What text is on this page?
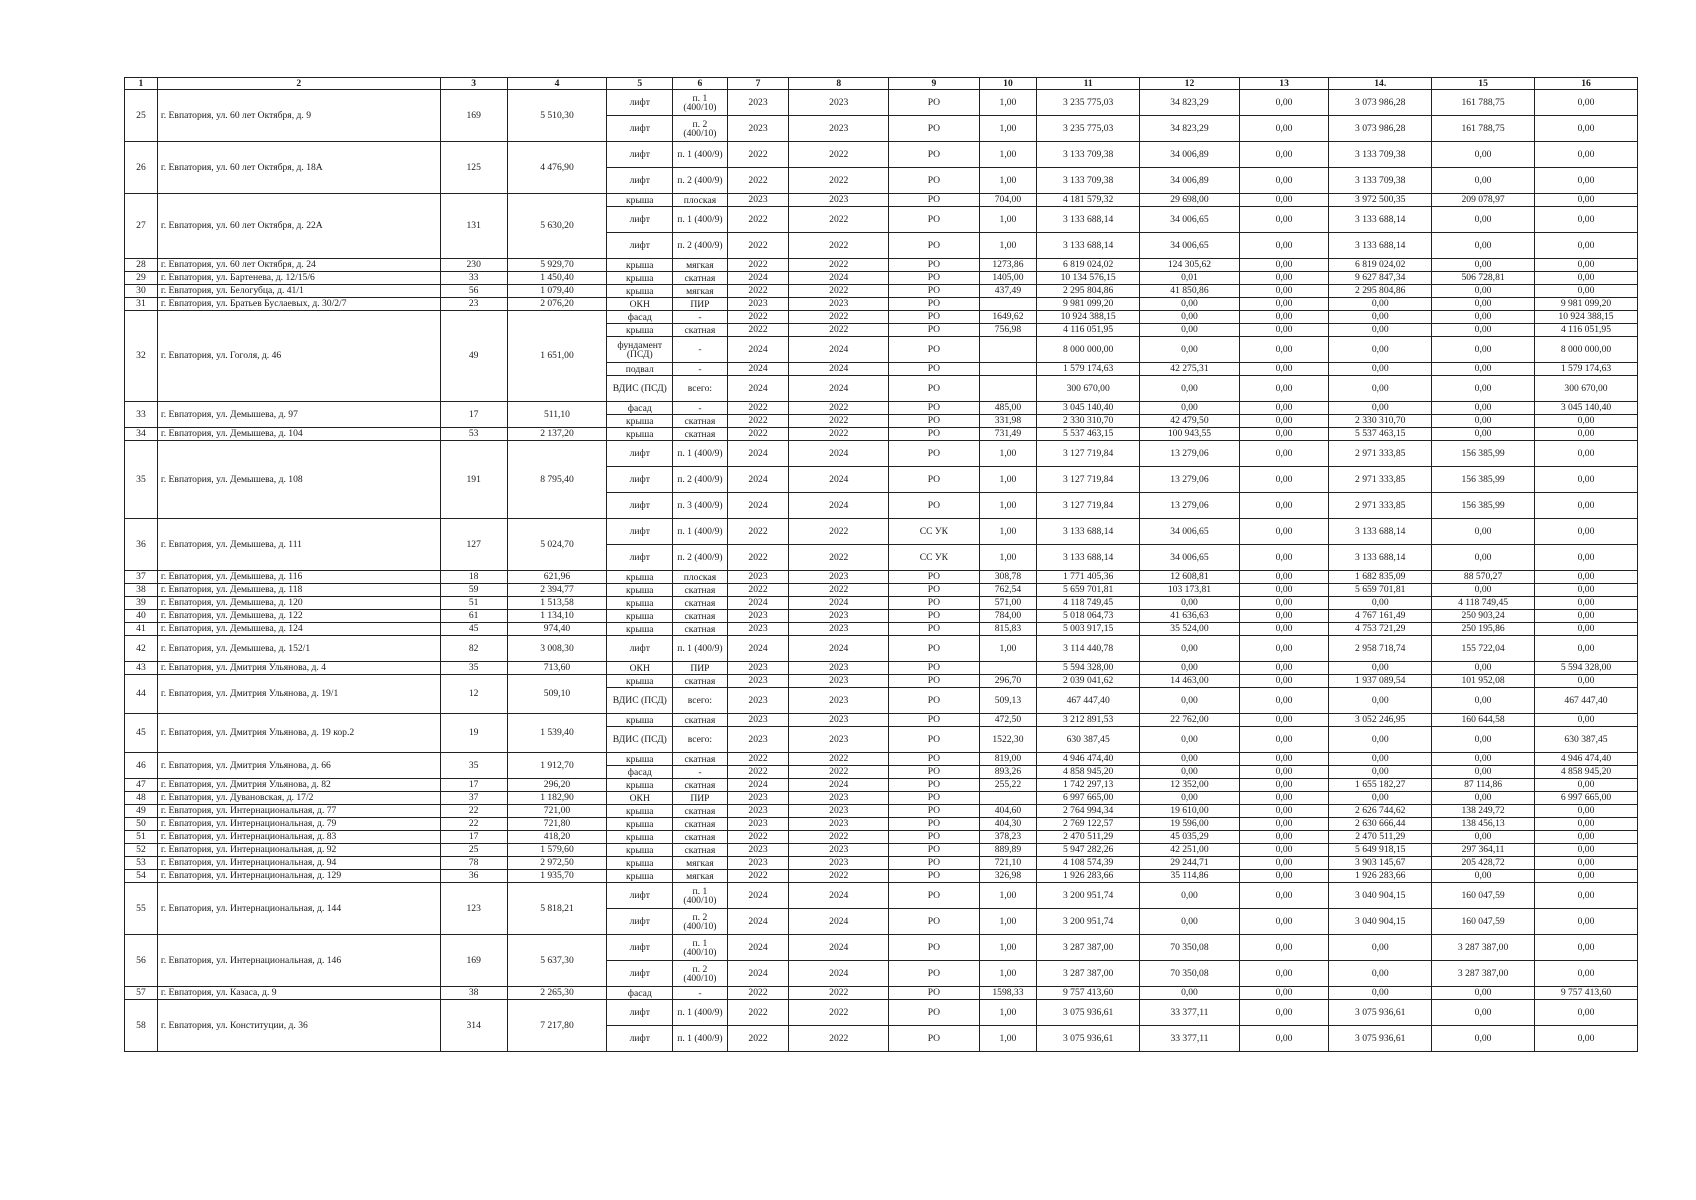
1	2	3	4	5	6	7	8	9	10	11	12	13	14.	15	16
25	г. Евпатория, ул. 60 лет Октября, д. 9	169	5 510,30	лифт	п. 1 (400/10)	2023	2023	РО	1,00	3 235 775,03	34 823,29	0,00	3 073 986,28	161 788,75	0,00
				лифт	п. 2 (400/10)	2023	2023	РО	1,00	3 235 775,03	34 823,29	0,00	3 073 986,28	161 788,75	0,00
26	г. Евпатория, ул. 60 лет Октября, д. 18А	125	4 476,90	лифт	п. 1 (400/9)	2022	2022	РО	1,00	3 133 709,38	34 006,89	0,00	3 133 709,38	0,00	0,00
				лифт	п. 2 (400/9)	2022	2022	РО	1,00	3 133 709,38	34 006,89	0,00	3 133 709,38	0,00	0,00
27	г. Евпатория, ул. 60 лет Октября, д. 22А	131	5 630,20	крыша	плоская	2023	2023	РО	704,00	4 181 579,32	29 698,00	0,00	3 972 500,35	209 078,97	0,00
				лифт	п. 1 (400/9)	2022	2022	РО	1,00	3 133 688,14	34 006,65	0,00	3 133 688,14	0,00	0,00
				лифт	п. 2 (400/9)	2022	2022	РО	1,00	3 133 688,14	34 006,65	0,00	3 133 688,14	0,00	0,00
28	г. Евпатория, ул. 60 лет Октября, д. 24	230	5 929,70	крыша	мягкая	2022	2022	РО	1273,86	6 819 024,02	124 305,62	0,00	6 819 024,02	0,00	0,00
29	г. Евпатория, ул. Бартенева, д. 12/15/6	33	1 450,40	крыша	скатная	2024	2024	РО	1405,00	10 134 576,15	0,01	0,00	9 627 847,34	506 728,81	0,00
30	г. Евпатория, ул. Белогубца, д. 41/1	56	1 079,40	крыша	мягкая	2022	2022	РО	437,49	2 295 804,86	41 850,86	0,00	2 295 804,86	0,00	0,00
31	г. Евпатория, ул. Братьев Буслаевых, д. 30/2/7	23	2 076,20	ОКН	ПИР	2023	2023	РО		9 981 099,20	0,00	0,00	0,00	0,00	9 981 099,20
32	г. Евпатория, ул. Гоголя, д. 46	49	1 651,00	фасад	-	2022	2022	РО	1649,62	10 924 388,15	0,00	0,00	0,00	0,00	10 924 388,15
				крыша	скатная	2022	2022	РО	756,98	4 116 051,95	0,00	0,00	0,00	0,00	4 116 051,95
				фундамент (ПСД)	-	2024	2024	РО		8 000 000,00	0,00	0,00	0,00	0,00	8 000 000,00
				подвал	-	2024	2024	РО		1 579 174,63	42 275,31	0,00	0,00	0,00	1 579 174,63
				ВДИС (ПСД)	всего:	2024	2024	РО		300 670,00	0,00	0,00	0,00	0,00	300 670,00
33	г. Евпатория, ул. Демышева, д. 97	17	511,10	фасад	-	2022	2022	РО	485,00	3 045 140,40	0,00	0,00	0,00	0,00	3 045 140,40
				крыша	скатная	2022	2022	РО	331,98	2 330 310,70	42 479,50	0,00	2 330 310,70	0,00	0,00
34	г. Евпатория, ул. Демышева, д. 104	53	2 137,20	крыша	скатная	2022	2022	РО	731,49	5 537 463,15	100 943,55	0,00	5 537 463,15	0,00	0,00
35	г. Евпатория, ул. Демышева, д. 108	191	8 795,40	лифт	п. 1 (400/9)	2024	2024	РО	1,00	3 127 719,84	13 279,06	0,00	2 971 333,85	156 385,99	0,00
				лифт	п. 2 (400/9)	2024	2024	РО	1,00	3 127 719,84	13 279,06	0,00	2 971 333,85	156 385,99	0,00
				лифт	п. 3 (400/9)	2024	2024	РО	1,00	3 127 719,84	13 279,06	0,00	2 971 333,85	156 385,99	0,00
36	г. Евпатория, ул. Демышева, д. 111	127	5 024,70	лифт	п. 1 (400/9)	2022	2022	СС УК	1,00	3 133 688,14	34 006,65	0,00	3 133 688,14	0,00	0,00
				лифт	п. 2 (400/9)	2022	2022	СС УК	1,00	3 133 688,14	34 006,65	0,00	3 133 688,14	0,00	0,00
37	г. Евпатория, ул. Демышева, д. 116	18	621,96	крыша	плоская	2023	2023	РО	308,78	1 771 405,36	12 608,81	0,00	1 682 835,09	88 570,27	0,00
38	г. Евпатория, ул. Демышева, д. 118	59	2 394,77	крыша	скатная	2022	2022	РО	762,54	5 659 701,81	103 173,81	0,00	5 659 701,81	0,00	0,00
39	г. Евпатория, ул. Демышева, д. 120	51	1 513,58	крыша	скатная	2024	2024	РО	571,00	4 118 749,45	0,00	0,00	0,00	4 118 749,45	0,00
40	г. Евпатория, ул. Демышева, д. 122	61	1 134,10	крыша	скатная	2023	2023	РО	784,00	5 018 064,73	41 636,63	0,00	4 767 161,49	250 903,24	0,00
41	г. Евпатория, ул. Демышева, д. 124	45	974,40	крыша	скатная	2023	2023	РО	815,83	5 003 917,15	35 524,00	0,00	4 753 721,29	250 195,86	0,00
42	г. Евпатория, ул. Демышева, д. 152/1	82	3 008,30	лифт	п. 1 (400/9)	2024	2024	РО	1,00	3 114 440,78	0,00	0,00	2 958 718,74	155 722,04	0,00
43	г. Евпатория, ул. Дмитрия Ульянова, д. 4	35	713,60	ОКН	ПИР	2023	2023	РО		5 594 328,00	0,00	0,00	0,00	0,00	5 594 328,00
44	г. Евпатория, ул. Дмитрия Ульянова, д. 19/1	12	509,10	крыша	скатная	2023	2023	РО	296,70	2 039 041,62	14 463,00	0,00	1 937 089,54	101 952,08	0,00
				ВДИС (ПСД)	всего:	2023	2023	РО	509,13	467 447,40	0,00	0,00	0,00	0,00	467 447,40
45	г. Евпатория, ул. Дмитрия Ульянова, д. 19 кор.2	19	1 539,40	крыша	скатная	2023	2023	РО	472,50	3 212 891,53	22 762,00	0,00	3 052 246,95	160 644,58	0,00
				ВДИС (ПСД)	всего:	2023	2023	РО	1522,30	630 387,45	0,00	0,00	0,00	0,00	630 387,45
46	г. Евпатория, ул. Дмитрия Ульянова, д. 66	35	1 912,70	крыша	скатная	2022	2022	РО	819,00	4 946 474,40	0,00	0,00	0,00	0,00	4 946 474,40
				фасад	-	2022	2022	РО	893,26	4 858 945,20	0,00	0,00	0,00	0,00	4 858 945,20
47	г. Евпатория, ул. Дмитрия Ульянова, д. 82	17	296,20	крыша	скатная	2024	2024	РО	255,22	1 742 297,13	12 352,00	0,00	1 655 182,27	87 114,86	0,00
48	г. Евпатория, ул. Дувановская, д. 17/2	37	1 182,90	ОКН	ПИР	2023	2023	РО		6 997 665,00	0,00	0,00	0,00	0,00	6 997 665,00
49	г. Евпатория, ул. Интернациональная, д. 77	22	721,00	крыша	скатная	2023	2023	РО	404,60	2 764 994,34	19 610,00	0,00	2 626 744,62	138 249,72	0,00
50	г. Евпатория, ул. Интернациональная, д. 79	22	721,80	крыша	скатная	2023	2023	РО	404,30	2 769 122,57	19 596,00	0,00	2 630 666,44	138 456,13	0,00
51	г. Евпатория, ул. Интернациональная, д. 83	17	418,20	крыша	скатная	2022	2022	РО	378,23	2 470 511,29	45 035,29	0,00	2 470 511,29	0,00	0,00
52	г. Евпатория, ул. Интернациональная, д. 92	25	1 579,60	крыша	скатная	2023	2023	РО	889,89	5 947 282,26	42 251,00	0,00	5 649 918,15	297 364,11	0,00
53	г. Евпатория, ул. Интернациональная, д. 94	78	2 972,50	крыша	мягкая	2023	2023	РО	721,10	4 108 574,39	29 244,71	0,00	3 903 145,67	205 428,72	0,00
54	г. Евпатория, ул. Интернациональная, д. 129	36	1 935,70	крыша	мягкая	2022	2022	РО	326,98	1 926 283,66	35 114,86	0,00	1 926 283,66	0,00	0,00
55	г. Евпатория, ул. Интернациональная, д. 144	123	5 818,21	лифт	п. 1 (400/10)	2024	2024	РО	1,00	3 200 951,74	0,00	0,00	3 040 904,15	160 047,59	0,00
				лифт	п. 2 (400/10)	2024	2024	РО	1,00	3 200 951,74	0,00	0,00	3 040 904,15	160 047,59	0,00
56	г. Евпатория, ул. Интернациональная, д. 146	169	5 637,30	лифт	п. 1 (400/10)	2024	2024	РО	1,00	3 287 387,00	70 350,08	0,00	0,00	3 287 387,00	0,00
				лифт	п. 2 (400/10)	2024	2024	РО	1,00	3 287 387,00	70 350,08	0,00	0,00	3 287 387,00	0,00
57	г. Евпатория, ул. Казаса, д. 9	38	2 265,30	фасад	-	2022	2022	РО	1598,33	9 757 413,60	0,00	0,00	0,00	0,00	9 757 413,60
58	г. Евпатория, ул. Конституции, д. 36	314	7 217,80	лифт	п. 1 (400/9)	2022	2022	РО	1,00	3 075 936,61	33 377,11	0,00	3 075 936,61	0,00	0,00
				лифт	п. 1 (400/9)	2022	2022	РО	1,00	3 075 936,61	33 377,11	0,00	3 075 936,61	0,00	0,00
